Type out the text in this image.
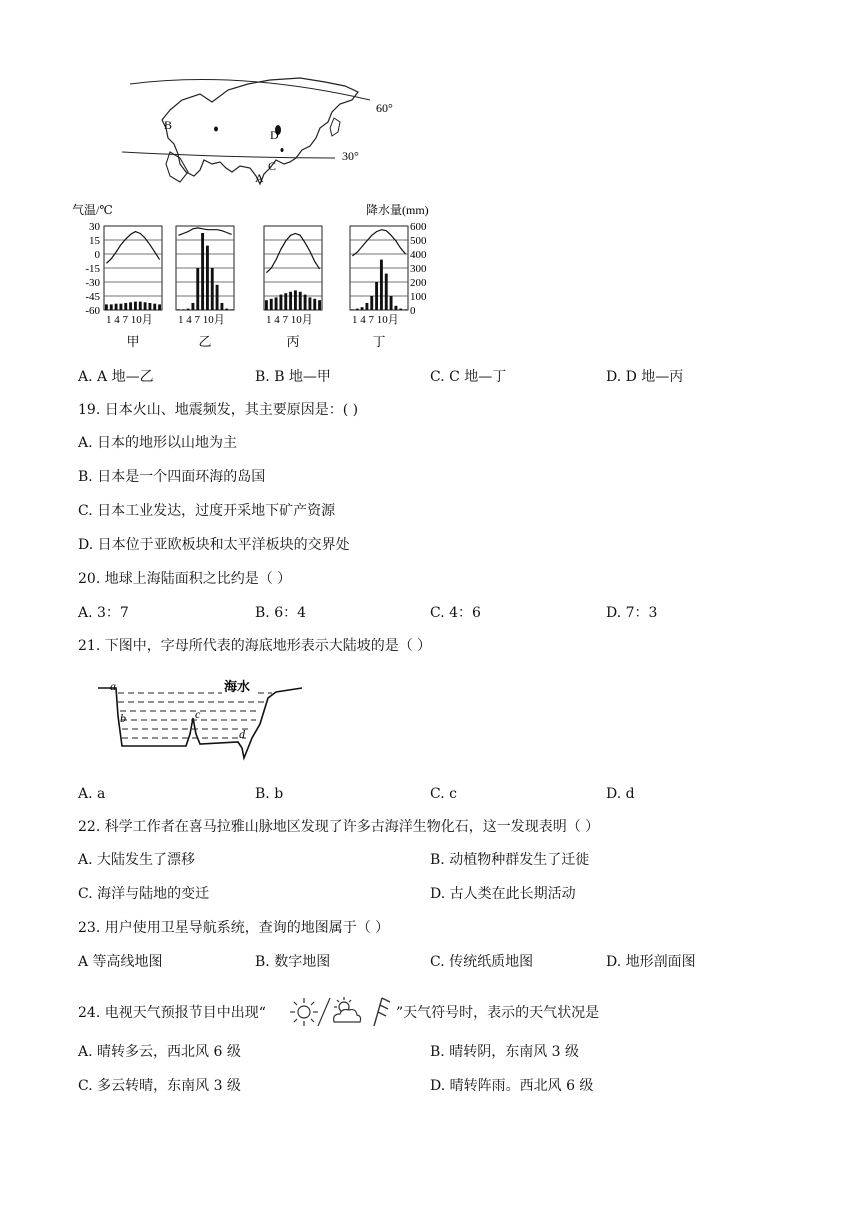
B
D
C
A
60°
30°
气温/℃	降水量(mm)
30
15
0
-15
-30
-45
-60
600
500
400
300
200
100
0
1 4 7 10月
甲
1 4 7 10月
乙
1 4 7 10月
丙
1 4 7 10月
丁
A. A 地—乙	B. B 地—甲	C. C 地—丁	D. D 地—丙
19. 日本火山、地震频发，其主要原因是：( )
A. 日本的地形以山地为主
B. 日本是一个四面环海的岛国
C. 日本工业发达，过度开采地下矿产资源
D. 日本位于亚欧板块和太平洋板块的交界处
20. 地球上海陆面积之比约是（ ）
A. 3：7	B. 6：4	C. 4：6	D. 7：3
21. 下图中，字母所代表的海底地形表示大陆坡的是（ ）
海水
a
b	c
d
A. a	B. b	C. c	D. d
22. 科学工作者在喜马拉雅山脉地区发现了许多古海洋生物化石，这一发现表明（ ）
A. 大陆发生了漂移	B. 动植物种群发生了迁徙
C. 海洋与陆地的变迁	D. 古人类在此长期活动
23. 用户使用卫星导航系统，查询的地图属于（ ）
A 等高线地图	B. 数字地图	C. 传统纸质地图	D. 地形剖面图
24. 电视天气预报节目中出现“	”天气符号时，表示的天气状况是
A. 晴转多云，西北风 6 级	B. 晴转阴，东南风 3 级
C. 多云转晴，东南风 3 级	D. 晴转阵雨。西北风 6 级
